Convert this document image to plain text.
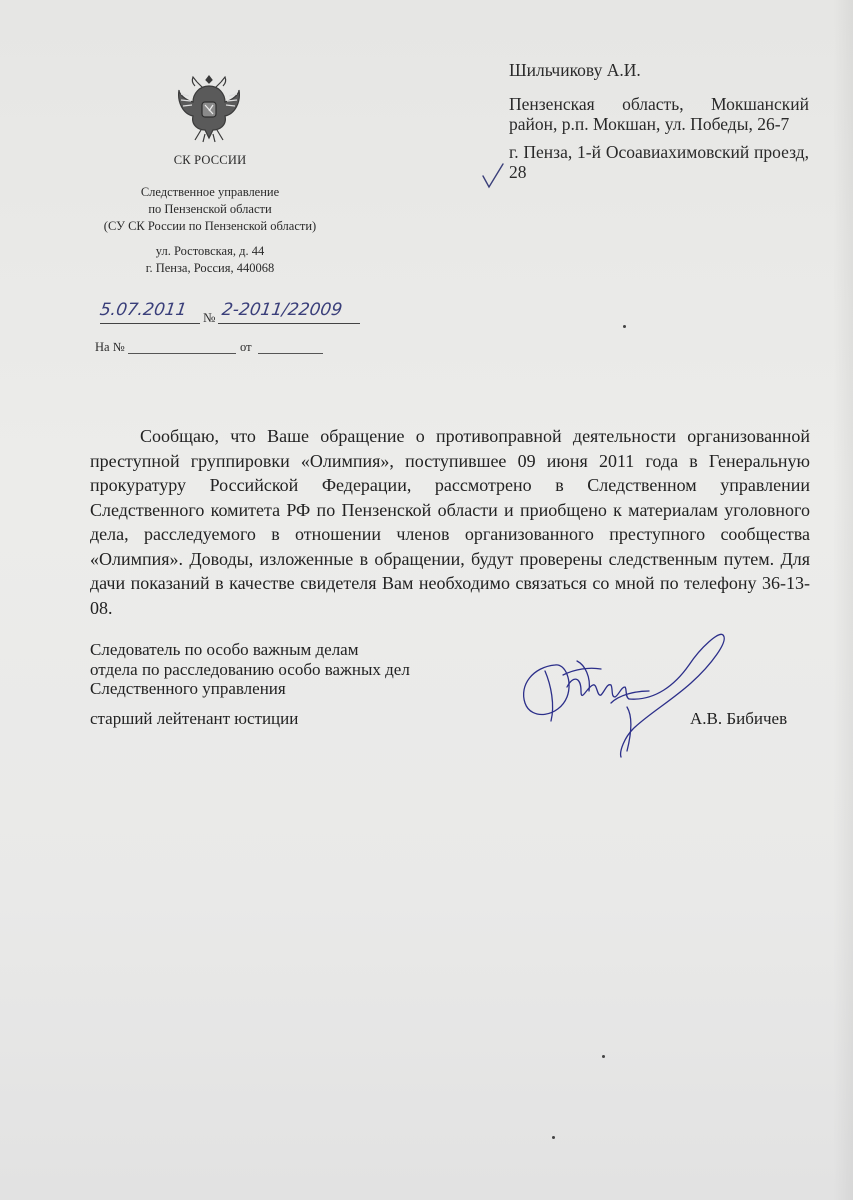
СК РОССИИ
Следственное управление
по Пензенской области
(СУ СК России по Пензенской области)
ул. Ростовская, д. 44
г. Пенза, Россия, 440068
5.07.2011 № 2-2011/22009
На №	от
Шильчикову А.И.
Пензенская область, Мокшанский район, р.п. Мокшан, ул. Победы, 26-7
г. Пенза, 1-й Осоавиахимовский проезд, 28
Сообщаю, что Ваше обращение о противоправной деятельности организованной преступной группировки «Олимпия», поступившее 09 июня 2011 года в Генеральную прокуратуру Российской Федерации, рассмотрено в Следственном управлении Следственного комитета РФ по Пензенской области и приобщено к материалам уголовного дела, расследуемого в отношении членов организованного преступного сообщества «Олимпия». Доводы, изложенные в обращении, будут проверены следственным путем. Для дачи показаний в качестве свидетеля Вам необходимо связаться со мной по телефону 36-13-08.
Следователь по особо важным делам
отдела по расследованию особо важных дел
Следственного управления
старший лейтенант юстиции	А.В. Бибичев
